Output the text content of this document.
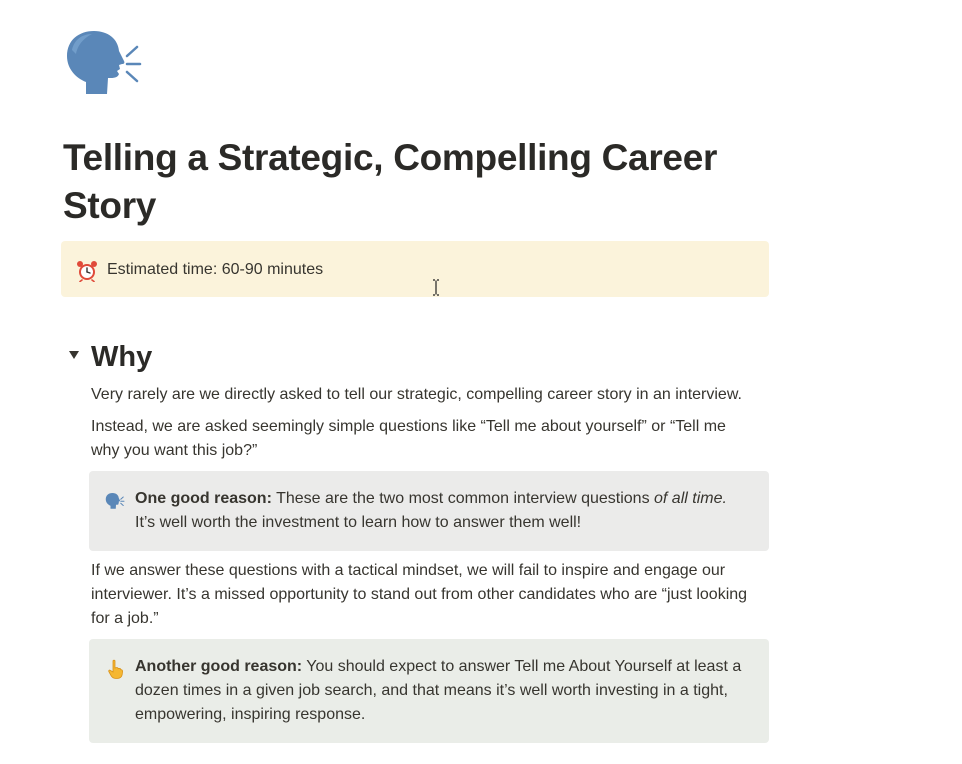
Telling a Strategic, Compelling Career Story
Estimated time: 60-90 minutes
Why

Very rarely are we directly asked to tell our strategic, compelling career story in an interview.

Instead, we are asked seemingly simple questions like “Tell me about yourself” or “Tell me why you want this job?”

One good reason: These are the two most common interview questions of all time. It’s well worth the investment to learn how to answer them well!

If we answer these questions with a tactical mindset, we will fail to inspire and engage our interviewer. It’s a missed opportunity to stand out from other candidates who are “just looking for a job.”

Another good reason: You should expect to answer Tell me About Yourself at least a dozen times in a given job search, and that means it’s well worth investing in a tight, empowering, inspiring response.
